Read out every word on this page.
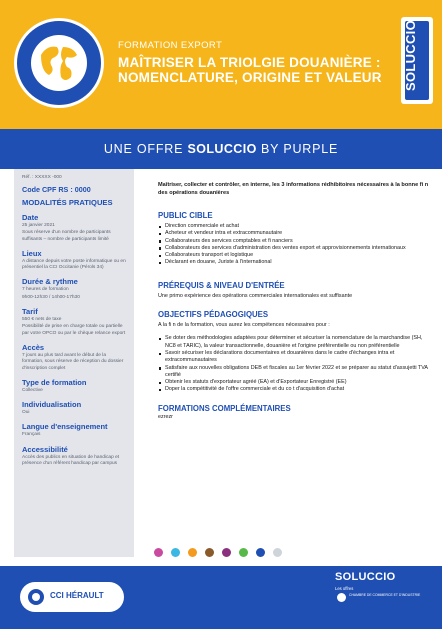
FORMATION EXPORT
MAÎTRISER LA TRIOLGIE DOUANIÈRE :
NOMENCLATURE, ORIGINE ET VALEUR	SOLUCCIO
UNE OFFRE SOLUCCIO BY PURPLE
Réf. : XXXXX -000
Code CPF RS : 0000
MODALITÉS PRATIQUES
Date
25 janvier 2021
Sous réserve d'un nombre de participants suffisants – nombre de participants limité
Lieux
A distance depuis votre poste informatique ou en présentiel la CCI Occitanie (Pérols 34)
Durée & rythme
7 heures de formation
9h00-12h30 / 14h00-17h30
Tarif
550 € nets de taxe
Possibilité de prise en charge totale ou partielle par votre OPCO ou par le chèque relance export
Accès
7 jours au plus tard avant le début de la formation, sous réserve de réception du dossier d'inscription complet
Type de formation
Collective
Individualisation
Oui
Langue d'enseignement
Français
Accessibilité
Accès des publics en situation de handicap et présence d'un référent handicap par campus
Maîtriser, collecter et contrôler, en interne, les 3 informations rédhibitoires nécessaires à la bonne fi n des opérations douanières
PUBLIC CIBLE
Direction commerciale et achat
Acheteur et vendeur intra et extracommunautaire
Collaborateurs des services comptables et fi nanciers
Collaborateurs des services d'administration des ventes export et approvisionnements internationaux
Collaborateurs transport et logistique
Déclarant en douane, Juriste à l'international
PRÉREQUIS & NIVEAU D'ENTRÉE
Une primo expérience des opérations commerciales internationales est suffisante
OBJECTIFS PÉDAGOGIQUES
A la fi n de la formation, vous aurez les compétences nécessaires pour :
Se doter des méthodologies adaptées pour déterminer et sécuriser la nomenclature de la marchandise (SH, NC8 et TARIC), la valeur transactionnelle, douanière et l'origine préférentielle ou non préférentielle
Savoir sécuriser les déclarations documentaires et douanières dans le cadre d'échanges intra et extracommunautaires
Satisfaire aux nouvelles obligations DEB et fiscales au 1er février 2022 et se préparer au statut d'assujetti TVA certifié
Obtenir les statuts d'exportateur agréé (EA) et d'Exportateur Enregistré (EE)
Doper la compétitivité de l'offre commerciale et du co t d'acquisition d'achat
FORMATIONS COMPLÉMENTAIRES
ezrezr
CCI HÉRAULT
SOLUCCIO
Les offres
CHAMBRE DE COMMERCE ET D'INDUSTRIE
